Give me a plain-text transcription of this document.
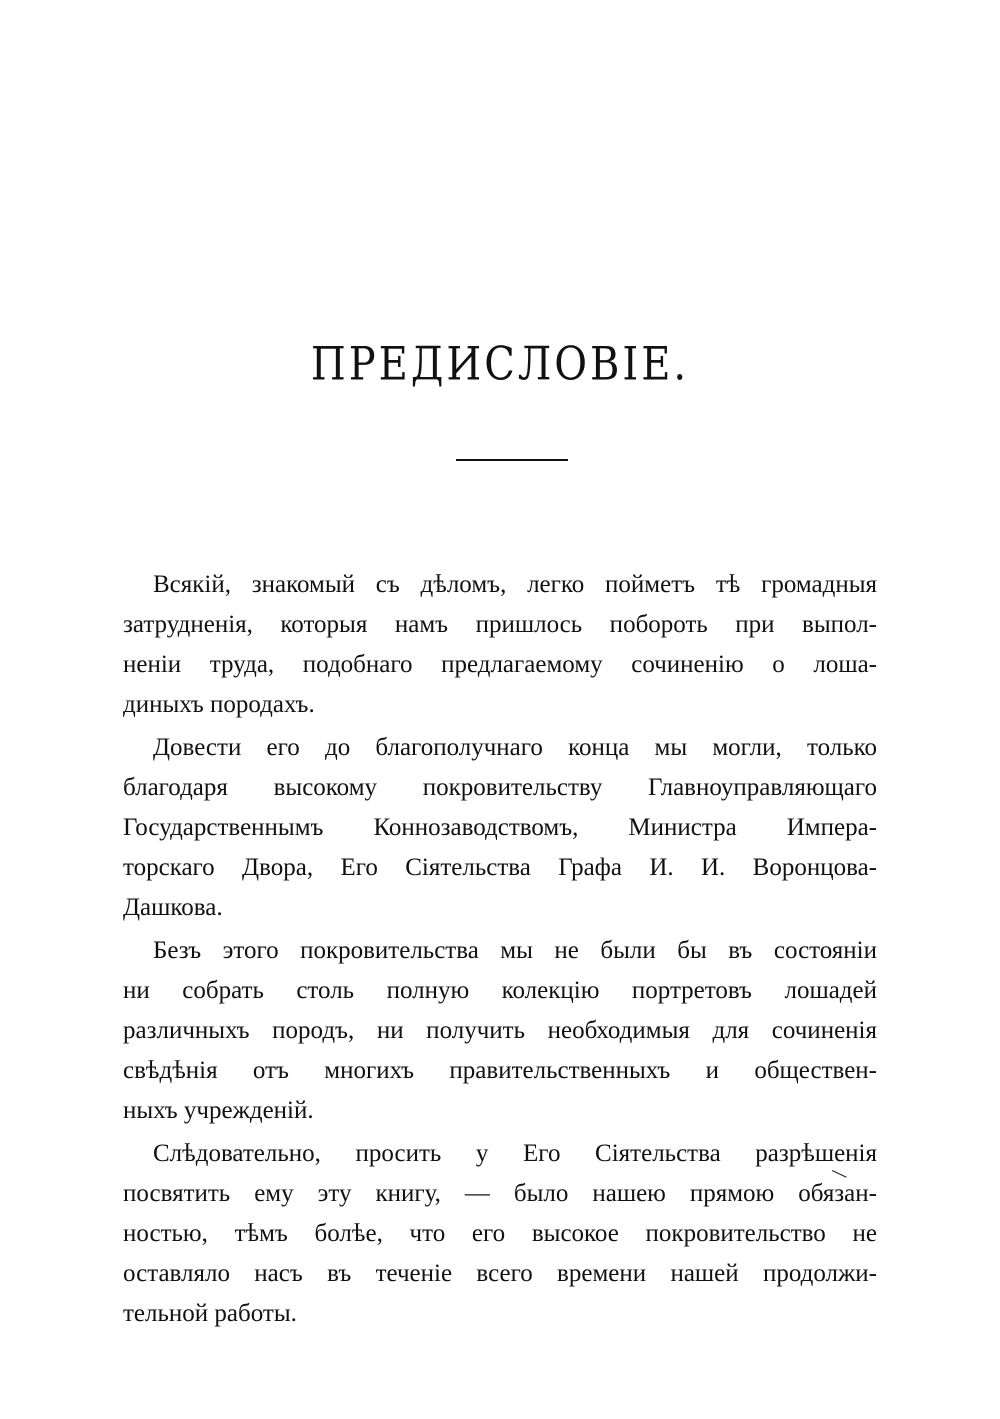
ПРЕДИСЛОВІЕ.
Всякій, знакомый съ дѣломъ, легко пойметъ тѣ громадныя
затрудненія, которыя намъ пришлось побороть при выпол-
неніи труда, подобнаго предлагаемому сочиненію о лоша-
диныхъ породахъ.
Довести его до благополучнаго конца мы могли, только
благодаря высокому покровительству Главноуправляющаго
Государственнымъ Коннозаводствомъ, Министра Импера-
торскаго Двора, Его Сіятельства Графа И. И. Воронцова-
Дашкова.
Безъ этого покровительства мы не были бы въ состояніи
ни собрать столь полную колекцію портретовъ лошадей
различныхъ породъ, ни получить необходимыя для сочиненія
свѣдѣнія отъ многихъ правительственныхъ и обществен-
ныхъ учрежденій.
Слѣдовательно, просить у Его Сіятельства разрѣшенія
посвятить ему эту книгу, — было нашею прямою обязан-
ностью, тѣмъ болѣе, что его высокое покровительство не
оставляло насъ въ теченіе всего времени нашей продолжи-
тельной работы.
